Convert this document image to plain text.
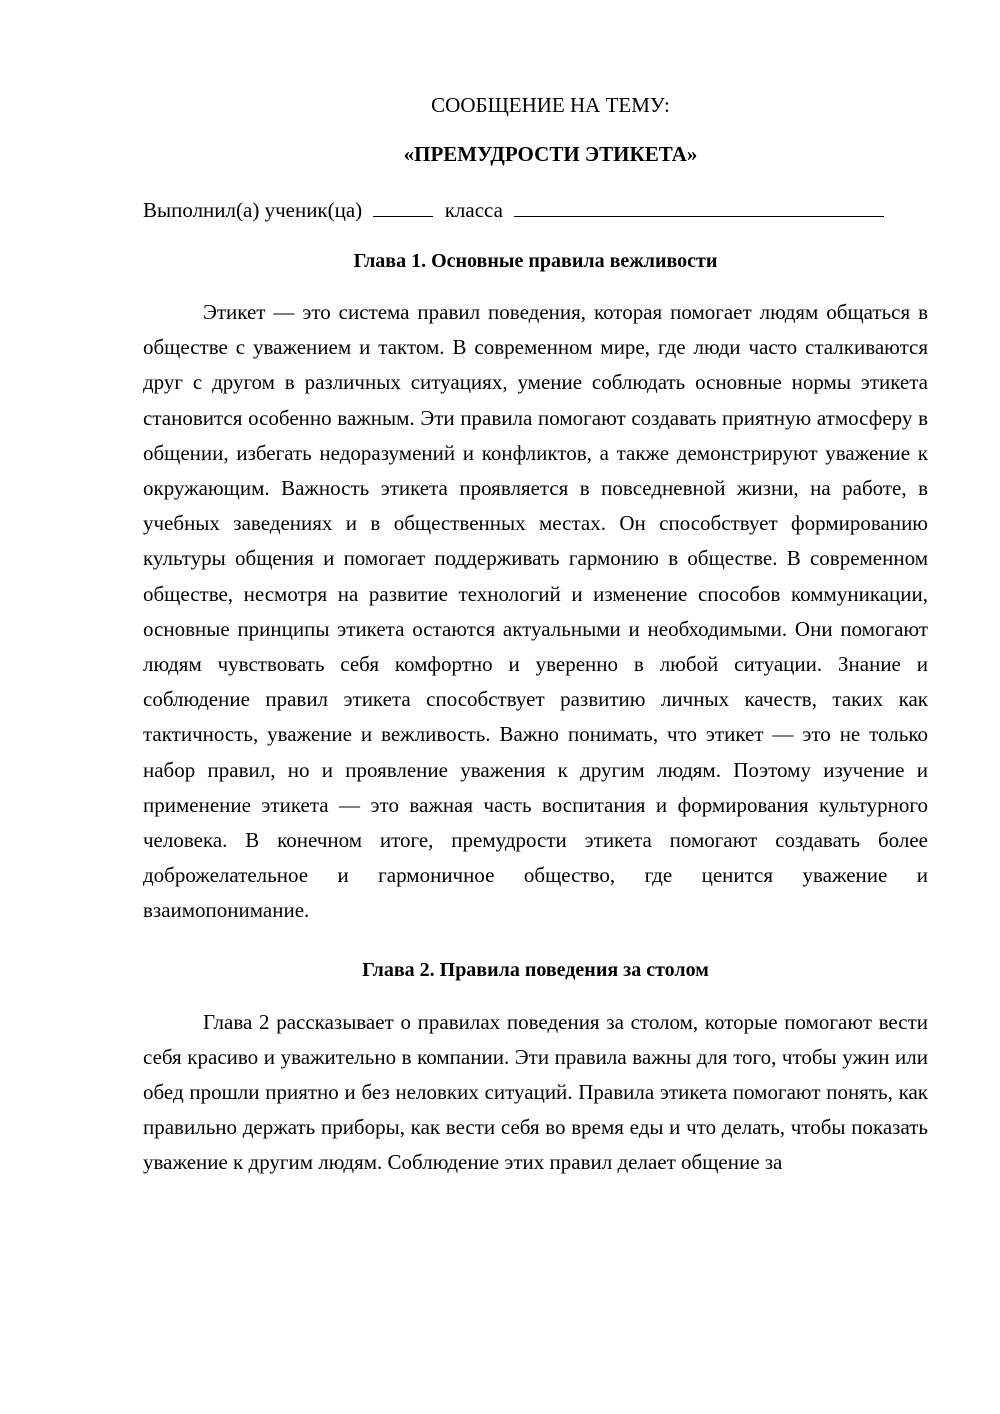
СООБЩЕНИЕ НА ТЕМУ:

«ПРЕМУДРОСТИ ЭТИКЕТА»

Выполнил(а) ученик(ца)	класса

Глава 1. Основные правила вежливости

Этикет — это система правил поведения, которая помогает людям общаться в обществе с уважением и тактом. В современном мире, где люди часто сталкиваются друг с другом в различных ситуациях, умение соблюдать основные нормы этикета становится особенно важным. Эти правила помогают создавать приятную атмосферу в общении, избегать недоразумений и конфликтов, а также демонстрируют уважение к окружающим. Важность этикета проявляется в повседневной жизни, на работе, в учебных заведениях и в общественных местах. Он способствует формированию культуры общения и помогает поддерживать гармонию в обществе. В современном обществе, несмотря на развитие технологий и изменение способов коммуникации, основные принципы этикета остаются актуальными и необходимыми. Они помогают людям чувствовать себя комфортно и уверенно в любой ситуации. Знание и соблюдение правил этикета способствует развитию личных качеств, таких как тактичность, уважение и вежливость. Важно понимать, что этикет — это не только набор правил, но и проявление уважения к другим людям. Поэтому изучение и применение этикета — это важная часть воспитания и формирования культурного человека. В конечном итоге, премудрости этикета помогают создавать более доброжелательное и гармоничное общество, где ценится уважение и взаимопонимание.

Глава 2. Правила поведения за столом

Глава 2 рассказывает о правилах поведения за столом, которые помогают вести себя красиво и уважительно в компании. Эти правила важны для того, чтобы ужин или обед прошли приятно и без неловких ситуаций. Правила этикета помогают понять, как правильно держать приборы, как вести себя во время еды и что делать, чтобы показать уважение к другим людям. Соблюдение этих правил делает общение за
